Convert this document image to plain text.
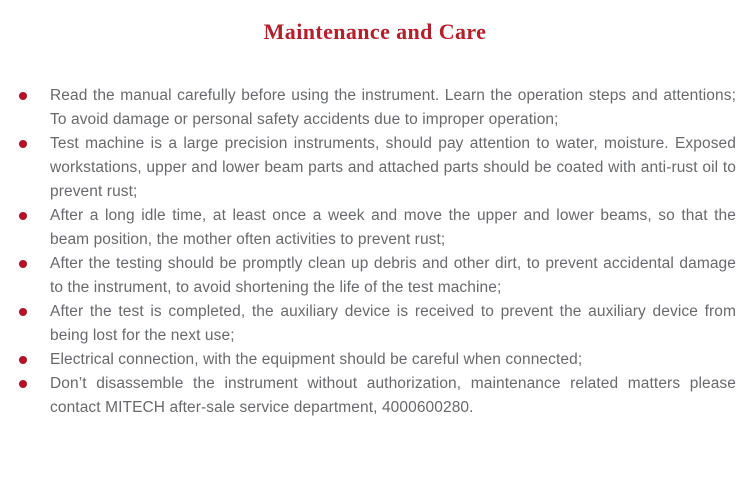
Maintenance and Care
Read the manual carefully before using the instrument. Learn the operation steps and attentions; To avoid damage or personal safety accidents due to improper operation;
Test machine is a large precision instruments, should pay attention to water, moisture. Exposed workstations, upper and lower beam parts and attached parts should be coated with anti-rust oil to prevent rust;
After a long idle time, at least once a week and move the upper and lower beams, so that the beam position, the mother often activities to prevent rust;
After the testing should be promptly clean up debris and other dirt, to prevent accidental damage to the instrument, to avoid shortening the life of the test machine;
After the test is completed, the auxiliary device is received to prevent the auxiliary device from being lost for the next use;
Electrical connection, with the equipment should be careful when connected;
Don’t disassemble the instrument without authorization, maintenance related matters please contact MITECH after-sale service department, 4000600280.
